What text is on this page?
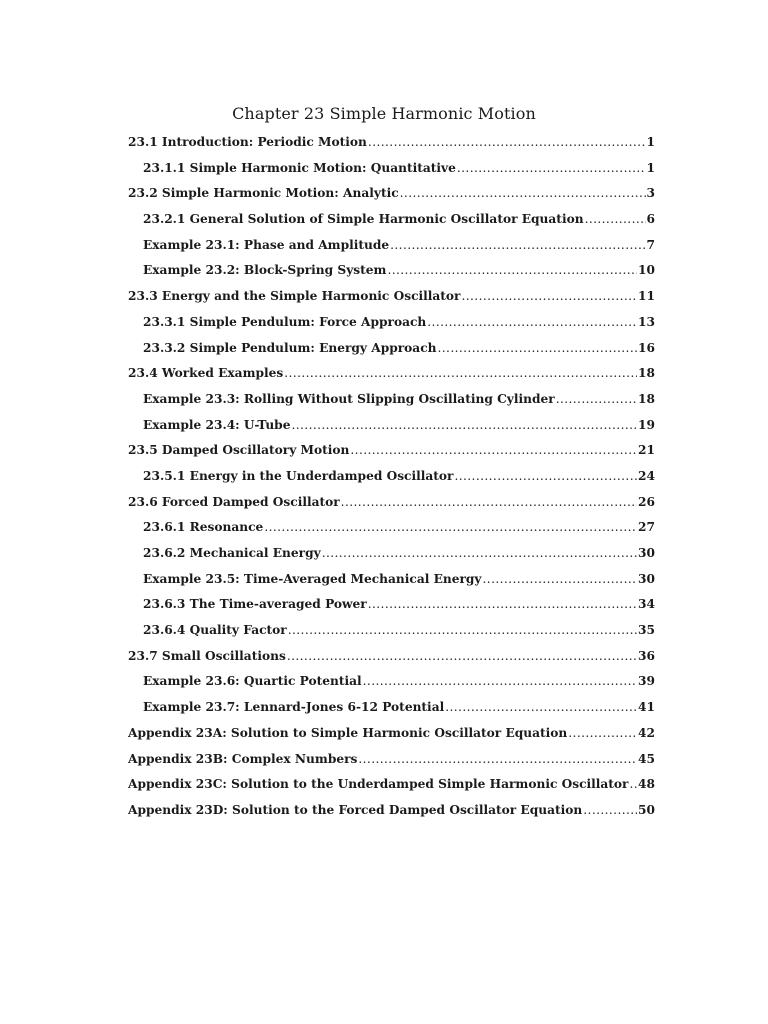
Chapter 23 Simple Harmonic Motion
23.1 Introduction: Periodic Motion .....	1
23.1.1 Simple Harmonic Motion: Quantitative .....	1
23.2 Simple Harmonic Motion: Analytic .....	3
23.2.1 General Solution of Simple Harmonic Oscillator Equation .....	6
Example 23.1: Phase and Amplitude .....	7
Example 23.2: Block-Spring System .....	10
23.3 Energy and the Simple Harmonic Oscillator .....	11
23.3.1 Simple Pendulum: Force Approach .....	13
23.3.2 Simple Pendulum: Energy Approach .....	16
23.4 Worked Examples .....	18
Example 23.3: Rolling Without Slipping Oscillating Cylinder .....	18
Example 23.4: U-Tube .....	19
23.5 Damped Oscillatory Motion .....	21
23.5.1 Energy in the Underdamped Oscillator .....	24
23.6 Forced Damped Oscillator .....	26
23.6.1 Resonance .....	27
23.6.2 Mechanical Energy .....	30
Example 23.5: Time-Averaged Mechanical Energy .....	30
23.6.3 The Time-averaged Power .....	34
23.6.4 Quality Factor .....	35
23.7 Small Oscillations .....	36
Example 23.6: Quartic Potential .....	39
Example 23.7: Lennard-Jones 6-12 Potential .....	41
Appendix 23A: Solution to Simple Harmonic Oscillator Equation .....	42
Appendix 23B: Complex Numbers .....	45
Appendix 23C: Solution to the Underdamped Simple Harmonic Oscillator ..... 48
Appendix 23D: Solution to the Forced Damped Oscillator Equation .....	50
